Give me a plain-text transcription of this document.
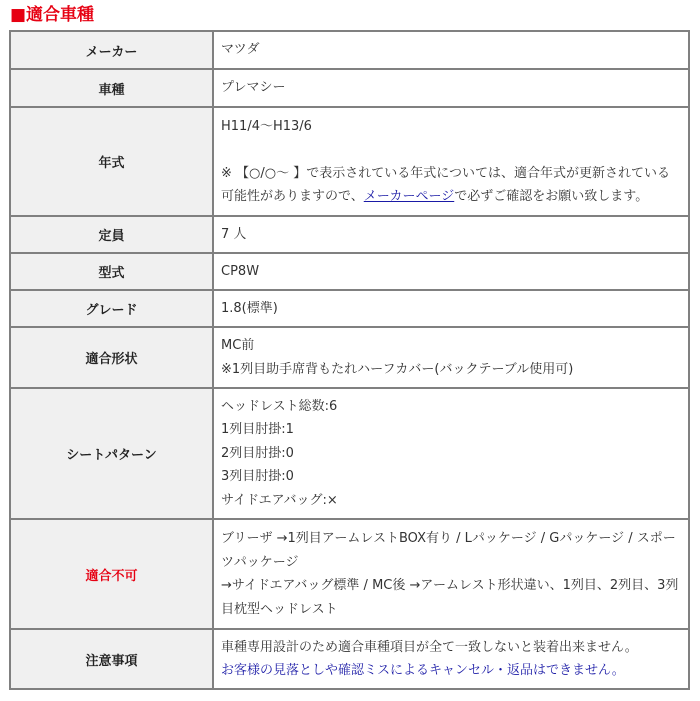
■適合車種
メーカー	マツダ
車種	プレマシー
年式	H11/4～H13/6
※ 【○/○～ 】で表示されている年式については、適合年式が更新されている可能性がありますので、メーカーページで必ずご確認をお願い致します。

定員	7 人
型式	CP8W
グレード	1.8(標準)
適合形状	MC前
※1列目助手席背もたれハーフカバー(バックテーブル使用可)

シートパターン	ヘッドレスト総数:6
1列目肘掛:1
2列目肘掛:0
3列目肘掛:0
サイドエアバッグ:×

適合不可	ブリーザ →1列目アームレストBOX有り / Lパッケージ / Gパッケージ / スポーツパッケージ
→サイドエアバッグ標準 / MC後 →アームレスト形状違い、1列目、2列目、3列目枕型ヘッドレスト

注意事項	車種専用設計のため適合車種項目が全て一致しないと装着出来ません。
お客様の見落としや確認ミスによるキャンセル・返品はできません。
